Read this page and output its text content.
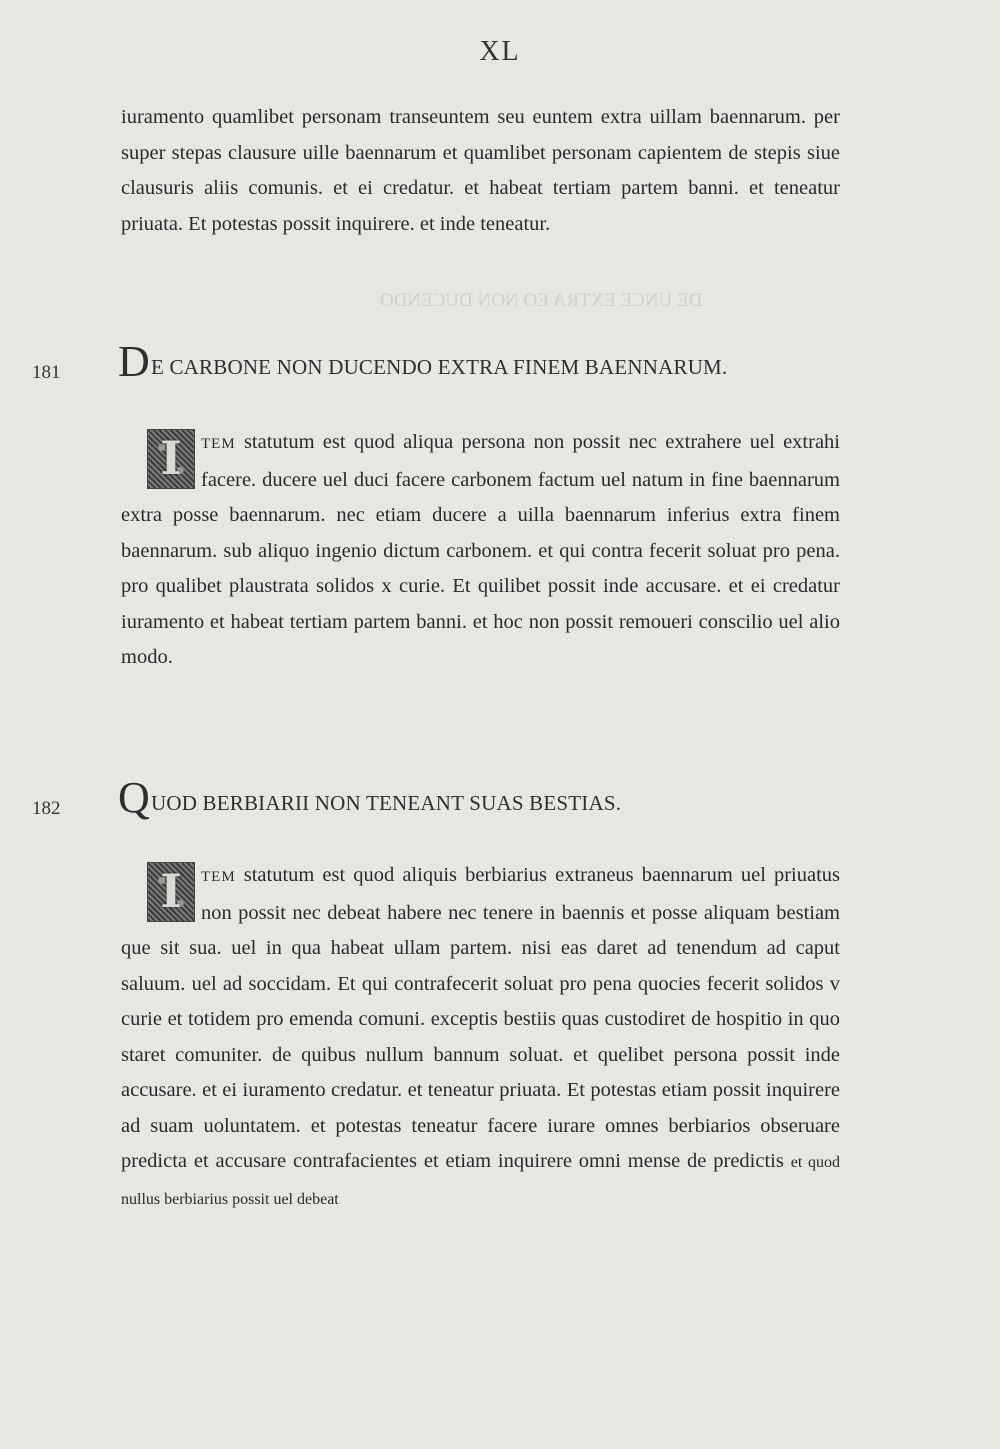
XL

iuramento quamlibet personam transeuntem seu euntem extra uillam baennarum. per super stepas clausure uille baennarum et quamlibet personam capientem de stepis siue clausuris aliis comunis. et ei credatur. et habeat tertiam partem banni. et teneatur priuata. Et potestas possit inquirere. et inde teneatur.

DE UNCE EXTRA EO NON DUCENDO
181 DE CARBONE NON DUCENDO EXTRA FINEM BAENNARUM.
I	TEM statutum est quod aliqua persona non possit nec extrahere uel extrahi facere. ducere uel duci facere carbonem factum uel natum in fine baennarum extra posse baennarum. nec etiam ducere a uilla baennarum inferius extra finem baennarum. sub aliquo ingenio dictum carbonem. et qui contra fecerit soluat pro pena. pro qualibet plaustrata solidos x curie. Et quilibet possit inde accusare. et ei credatur iuramento et habeat tertiam partem banni. et hoc non possit remoueri conscilio uel alio modo.
182 QUOD BERBIARII NON TENEANT SUAS BESTIAS.
I	TEM statutum est quod aliquis berbiarius extraneus baennarum uel priuatus non possit nec debeat habere nec tenere in baennis et posse aliquam bestiam que sit sua. uel in qua habeat ullam partem. nisi eas daret ad tenendum ad caput saluum. uel ad soccidam. Et qui contrafecerit soluat pro pena quocies fecerit solidos v curie et totidem pro emenda comuni. exceptis bestiis quas custodiret de hospitio in quo staret comuniter. de quibus nullum bannum soluat. et quelibet persona possit inde accusare. et ei iuramento credatur. et teneatur priuata. Et potestas etiam possit inquirere ad suam uoluntatem. et potestas teneatur facere iurare omnes berbiarios obseruare predicta et accusare contrafacientes et etiam inquirere omni mense de predictis et quod nullus berbiarius possit uel debeat
